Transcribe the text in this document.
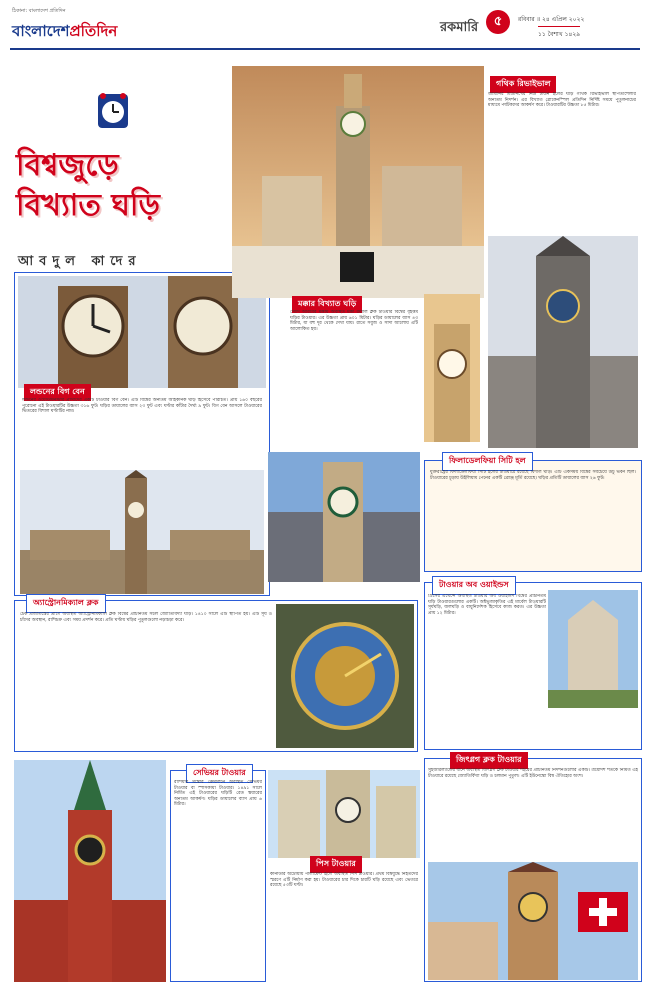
ঠিকানা: বাংলাদেশ প্রতিদিন
বাংলাদেশপ্রতিদিন	রকমারি	৫	রবিবার ॥ ২৪ এপ্রিল ২০২২
১১ বৈশাখ ১৪২৯
বিশ্বজুড়ে
বিখ্যাত ঘড়ি
আবদুল কাদের
লন্ডনের বিগ বেন
লন্ডনের ওয়েস্টমিনস্টার প্রাসাদের একটি টাওয়ার বিগ বেন। এটি বিশ্বের অন্যতম আইকনিক ঘড়ি হিসেবে পরিচিত। প্রায় ১৬০ বছরের পুরোনো এই টাওয়ারটির উচ্চতা ৩১৬ ফুট। ঘড়ির ডায়ালের ব্যাস ২৩ ফুট এবং ঘণ্টার কাঁটার দৈর্ঘ্য ৯ ফুট। বিগ বেন আসলে টাওয়ারের ভিতরের বিশাল ঘণ্টাটির নাম।
মক্কার বিখ্যাত ঘড়ি
সৌদি আরবের মক্কায় অবস্থিত মক্কা রয়্যাল ক্লক টাওয়ার বিশ্বের বৃহত্তম ঘড়ির টাওয়ার। এর উচ্চতা প্রায় ৬০১ মিটার। ঘড়ির ডায়ালের ব্যাস ৪৩ মিটার, যা বহু দূর থেকে দেখা যায়। রাতে সবুজ ও সাদা আলোয় এটি আলোকিত হয়।
গথিক রিভাইভাল
জার্মানির মিউনিখের নিউ টাউন হলের ঘড়ি গথিক রিভাইভাল স্থাপত্যশৈলীর অন্যতম নিদর্শন। এর বিখ্যাত গ্লোকেনস্পিল প্রতিদিন নির্দিষ্ট সময়ে পুতুলনাচের মাধ্যমে পর্যটকদের আকর্ষণ করে। টাওয়ারটির উচ্চতা ৮৫ মিটার।
ফিলাডেলফিয়া সিটি হল
যুক্তরাষ্ট্রের ফিলাডেলফিয়া সিটি হলের টাওয়ারে রয়েছে বিশাল ঘড়ি। এটি একসময় বিশ্বের সবচেয়ে উঁচু ভবন ছিল। টাওয়ারের চূড়ায় উইলিয়াম পেনের একটি ব্রোঞ্জ মূর্তি রয়েছে। ঘড়ির প্রতিটি ডায়ালের ব্যাস ২৬ ফুট।
অ্যাস্ট্রোনমিক্যাল ক্লক
চেক প্রজাতন্ত্রের প্রাগে অবস্থিত অ্যাস্ট্রোনমিক্যাল ক্লক বিশ্বের প্রাচীনতম সচল জ্যোতির্বিদ্যা ঘড়ি। ১৪১০ সালে এটি স্থাপিত হয়। এটি সূর্য ও চাঁদের অবস্থান, রাশিচক্র এবং সময় প্রদর্শন করে। প্রতি ঘণ্টায় ঘড়ির পুতুলগুলো নড়াচড়া করে।
টাওয়ার অব ওয়াইন্ডস
গ্রিসের এথেন্সে অবস্থিত টাওয়ার অব ওয়াইন্ডস বিশ্বের প্রাচীনতম ঘড়ি টাওয়ারগুলোর একটি। অষ্টভুজাকৃতির এই মার্বেল টাওয়ারটি সূর্যঘড়ি, জলঘড়ি ও বায়ুনির্দেশক হিসেবে কাজ করত। এর উচ্চতা প্রায় ১২ মিটার।
সেভিয়র টাওয়ার
রাশিয়ার মস্কোর ক্রেমলিনে অবস্থিত সেভিয়র টাওয়ার বা স্পাসকায়া টাওয়ার। ১৪৯১ সালে নির্মিত এই টাওয়ারের ঘড়িটি রেড স্কয়ারের অন্যতম আকর্ষণ। ঘড়ির ডায়ালের ব্যাস প্রায় ৬ মিটার।
পিস টাওয়ার
কানাডার অটোয়ায় পার্লামেন্ট হিলে অবস্থিত পিস টাওয়ার। প্রথম বিশ্বযুদ্ধে নিহতদের স্মরণে এটি নির্মাণ করা হয়। টাওয়ারের চার দিকে চারটি ঘড়ি রয়েছে এবং ভেতরে রয়েছে ৫৩টি ঘণ্টা।
জিৎগ্লগ ক্লক টাওয়ার
সুইজারল্যান্ডের বার্নে অবস্থিত জিৎগ্লগ ক্লক টাওয়ার শহরের প্রাচীনতম নিদর্শনগুলোর একটি। ত্রয়োদশ শতকে নির্মিত এই টাওয়ারে রয়েছে জ্যোতির্বিদ্যা ঘড়ি ও চলমান পুতুল। এটি ইউনেস্কো বিশ্ব ঐতিহ্যের অংশ।
